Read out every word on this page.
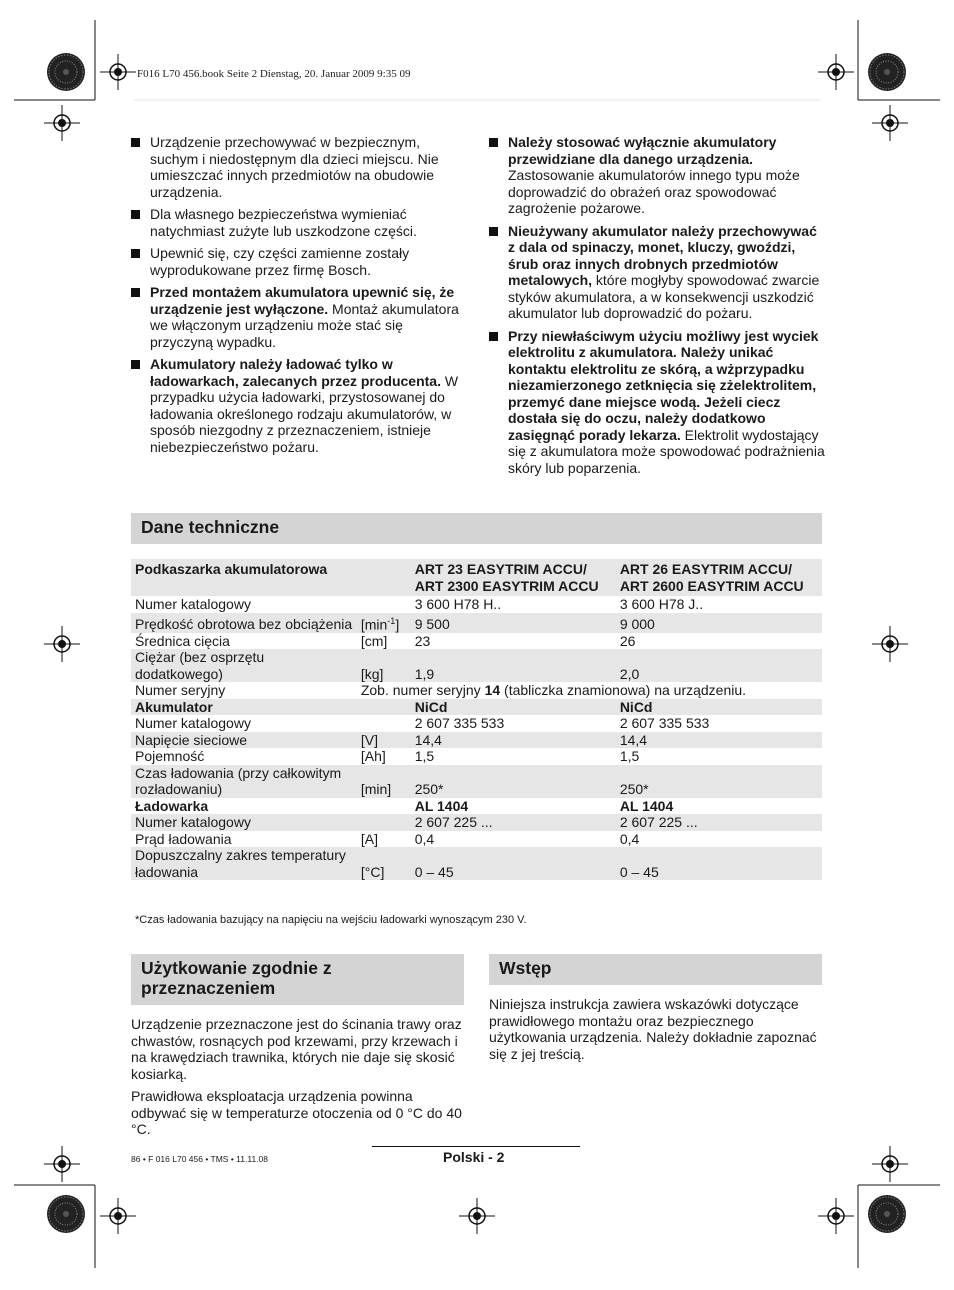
F016 L70 456.book Seite 2 Dienstag, 20. Januar 2009 9:35 09
Urządzenie przechowywać w bezpiecznym, suchym i niedostępnym dla dzieci miejscu. Nie umieszczać innych przedmiotów na obudowie urządzenia.
Dla własnego bezpieczeństwa wymieniać natychmiast zużyte lub uszkodzone części.
Upewnić się, czy części zamienne zostały wyprodukowane przez firmę Bosch.
Przed montażem akumulatora upewnić się, że urządzenie jest wyłączone. Montaż akumulatora we włączonym urządzeniu może stać się przyczyną wypadku.
Akumulatory należy ładować tylko w ładowarkach, zalecanych przez producenta. W przypadku użycia ładowarki, przystosowanej do ładowania określonego rodzaju akumulatorów, w sposób niezgodny z przeznaczeniem, istnieje niebezpieczeństwo pożaru.
Należy stosować wyłącznie akumulatory przewidziane dla danego urządzenia. Zastosowanie akumulatorów innego typu może doprowadzić do obrażeń oraz spowodować zagrożenie pożarowe.
Nieużywany akumulator należy przechowywać z dala od spinaczy, monet, kluczy, gwoździ, śrub oraz innych drobnych przedmiotów metalowych, które mogłyby spowodować zwarcie styków akumulatora, a w konsekwencji uszkodzić akumulator lub doprowadzić do pożaru.
Przy niewłaściwym użyciu możliwy jest wyciek elektrolitu z akumulatora. Należy unikać kontaktu elektrolitu ze skórą, a wżprzypadku niezamierzonego zetknięcia się zżelektrolitem, przemyć dane miejsce wodą. Jeżeli ciecz dostała się do oczu, należy dodatkowo zasięgnąć porady lekarza. Elektrolit wydostający się z akumulatora może spowodować podrażnienia skóry lub poparzenia.
Dane techniczne
Podkaszarka akumulatorowa		ART 23 EASYTRIM ACCU/ ART 2300 EASYTRIM ACCU	ART 26 EASYTRIM ACCU/ ART 2600 EASYTRIM ACCU
Numer katalogowy		3 600 H78 H..	3 600 H78 J..
Prędkość obrotowa bez obciążenia	$[\min^{-1}]$	9 500	9 000
Średnica cięcia	[cm]	23	26
Ciężar (bez osprzętu dodatkowego)	[kg]	1,9	2,0
Numer seryjny	Zob. numer seryjny 14 (tabliczka znamionowa) na urządzeniu.		
Akumulator		NiCd	NiCd
Numer katalogowy		2 607 335 533	2 607 335 533
Napięcie sieciowe	[V]	14,4	14,4
Pojemność	[Ah]	1,5	1,5
Czas ładowania (przy całkowitym rozładowaniu)	[min]	250*	250*
Ładowarka		AL 1404	AL 1404
Numer katalogowy		2 607 225 ...	2 607 225 ...
Prąd ładowania	[A]	0,4	0,4
Dopuszczalny zakres temperatury ładowania	[°C]	0 – 45	0 – 45
*Czas ładowania bazujący na napięciu na wejściu ładowarki wynoszącym 230 V.
Użytkowanie zgodnie z przeznaczeniem

Urządzenie przeznaczone jest do ścinania trawy oraz chwastów, rosnących pod krzewami, przy krzewach i na krawędziach trawnika, których nie daje się skosić kosiarką.

Prawidłowa eksploatacja urządzenia powinna odbywać się w temperaturze otoczenia od 0 °C do 40 °C.

Wstęp

Niniejsza instrukcja zawiera wskazówki dotyczące prawidłowego montażu oraz bezpiecznego użytkowania urządzenia. Należy dokładnie zapoznać się z jej treścią.

86 • F 016 L70 456 • TMS • 11.11.08	Polski - 2
